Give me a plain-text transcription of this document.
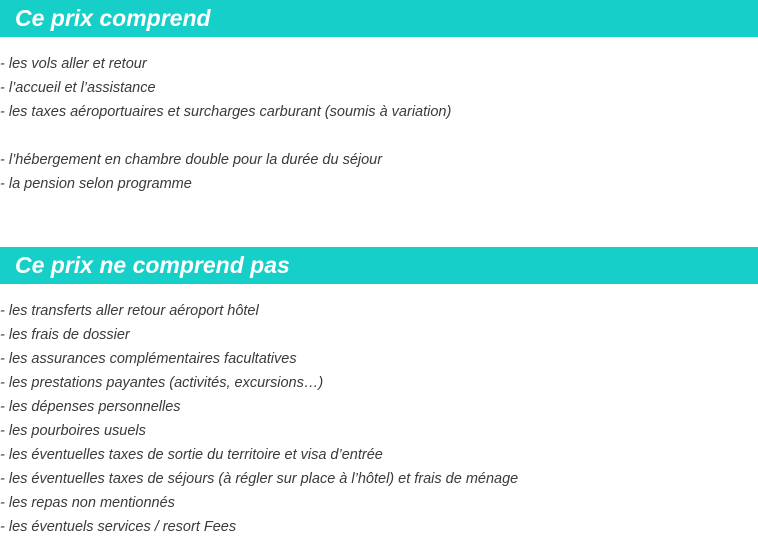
Ce prix comprend
- les vols aller et retour
- l’accueil et l’assistance
- les taxes aéroportuaires et surcharges carburant (soumis à variation)
- l’hébergement en chambre double pour la durée du séjour
- la pension selon programme
Ce prix ne comprend pas
- les transferts aller retour aéroport hôtel
- les frais de dossier
- les assurances complémentaires facultatives
- les prestations payantes (activités, excursions…)
- les dépenses personnelles
- les pourboires usuels
- les éventuelles taxes de sortie du territoire et visa d’entrée
- les éventuelles taxes de séjours (à régler sur place à l’hôtel) et frais de ménage
- les repas non mentionnés
- les éventuels services / resort Fees
